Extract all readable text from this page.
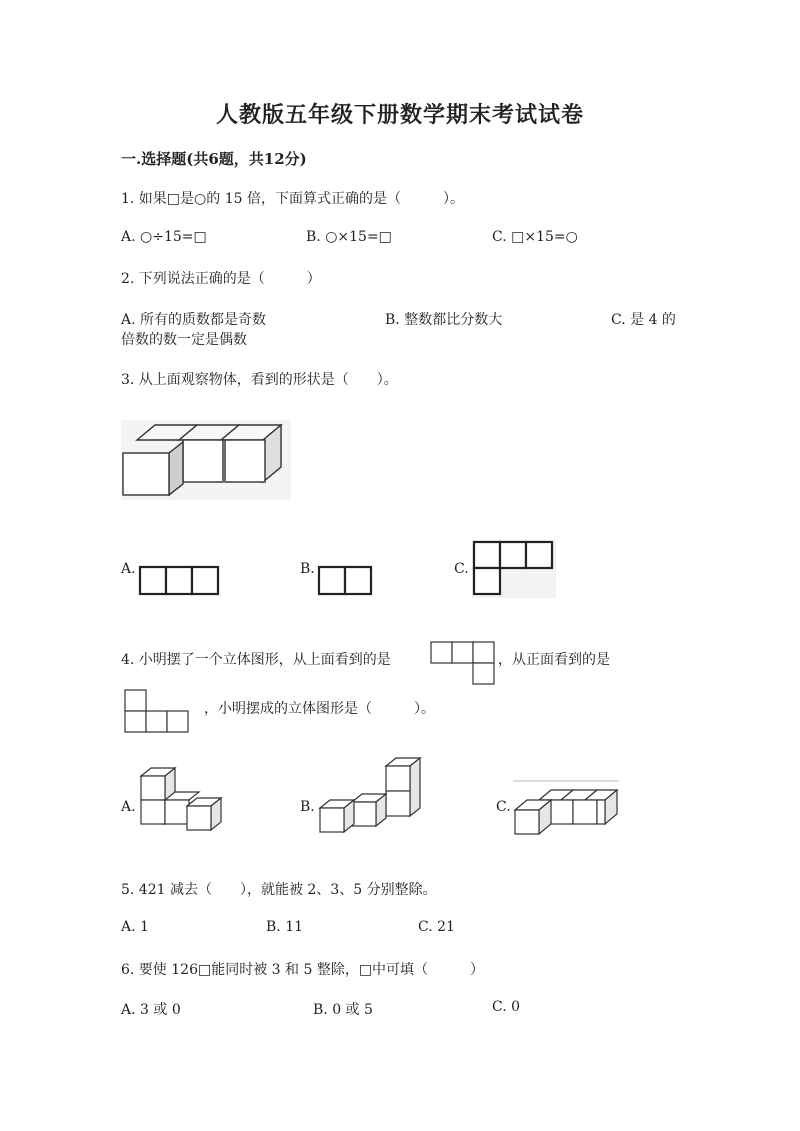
人教版五年级下册数学期末考试试卷
一.选择题(共6题，共12分)
1. 如果□是○的 15 倍，下面算式正确的是（　　　）。
A. ○÷15=□	B. ○×15=□	C. □×15=○
2. 下列说法正确的是（　　　）
A. 所有的质数都是奇数	B. 整数都比分数大	C. 是 4 的
倍数的数一定是偶数
3. 从上面观察物体，看到的形状是（　　）。
A.	B.	C.
4. 小明摆了一个立体图形，从上面看到的是	，从正面看到的是
，小明摆成的立体图形是（　　　）。
A.	B.	C.
5. 421 减去（　　），就能被 2、3、5 分别整除。
A. 1	B. 11	C. 21
6. 要使 126□能同时被 3 和 5 整除，□中可填（　　　）
A. 3 或 0	B. 0 或 5	C. 0
